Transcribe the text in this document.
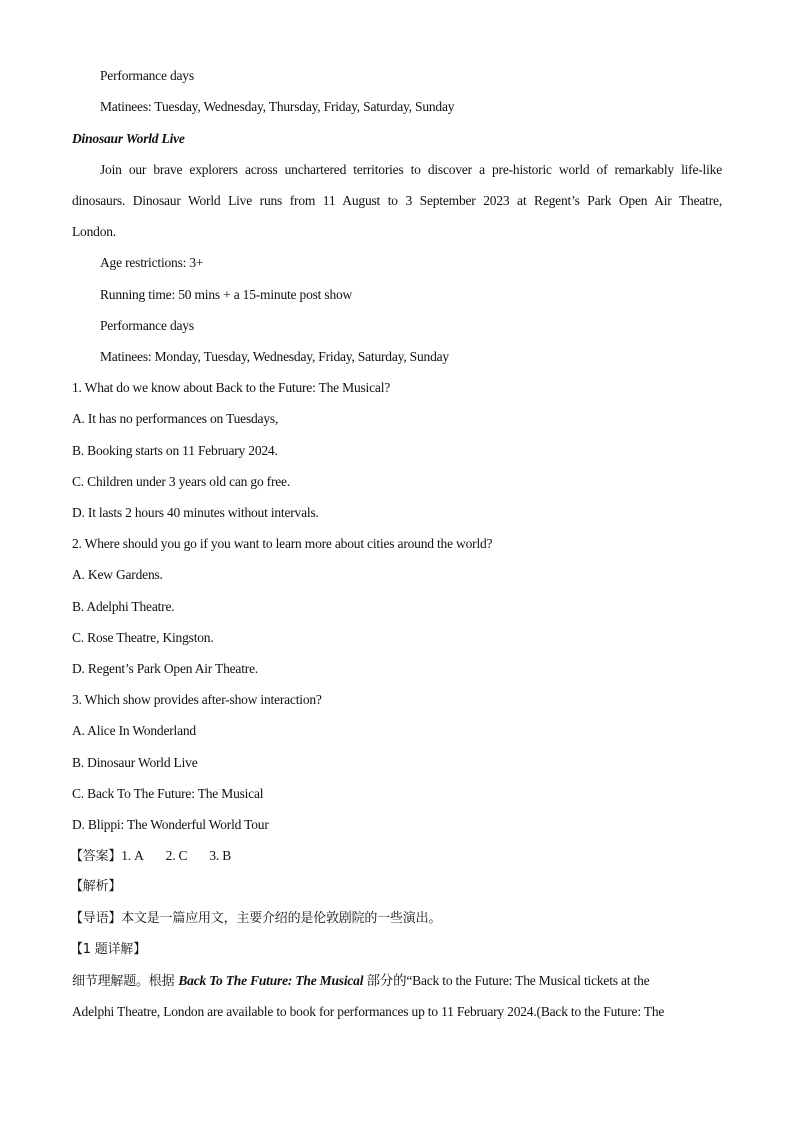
Performance days
Matinees: Tuesday, Wednesday, Thursday, Friday, Saturday, Sunday
Dinosaur World Live
Join our brave explorers across unchartered territories to discover a pre-historic world of remarkably life-like
dinosaurs. Dinosaur World Live runs from 11 August to 3 September 2023 at Regent’s Park Open Air Theatre,
London.
Age restrictions: 3+
Running time: 50 mins + a 15-minute post show
Performance days
Matinees: Monday, Tuesday, Wednesday, Friday, Saturday, Sunday
1. What do we know about Back to the Future: The Musical?
A. It has no performances on Tuesdays,
B. Booking starts on 11 February 2024.
C. Children under 3 years old can go free.
D. It lasts 2 hours 40 minutes without intervals.
2. Where should you go if you want to learn more about cities around the world?
A. Kew Gardens.
B. Adelphi Theatre.
C. Rose Theatre, Kingston.
D. Regent’s Park Open Air Theatre.
3. Which show provides after-show interaction?
A. Alice In Wonderland
B. Dinosaur World Live
C. Back To The Future: The Musical
D. Blippi: The Wonderful World Tour
【答案】1. A 2. C 3. B
【解析】
【导语】本文是一篇应用文，主要介绍的是伦敦剧院的一些演出。
【1 题详解】
细节理解题。根据 Back To The Future: The Musical 部分的“Back to the Future: The Musical tickets at the
Adelphi Theatre, London are available to book for performances up to 11 February 2024.(Back to the Future: The
